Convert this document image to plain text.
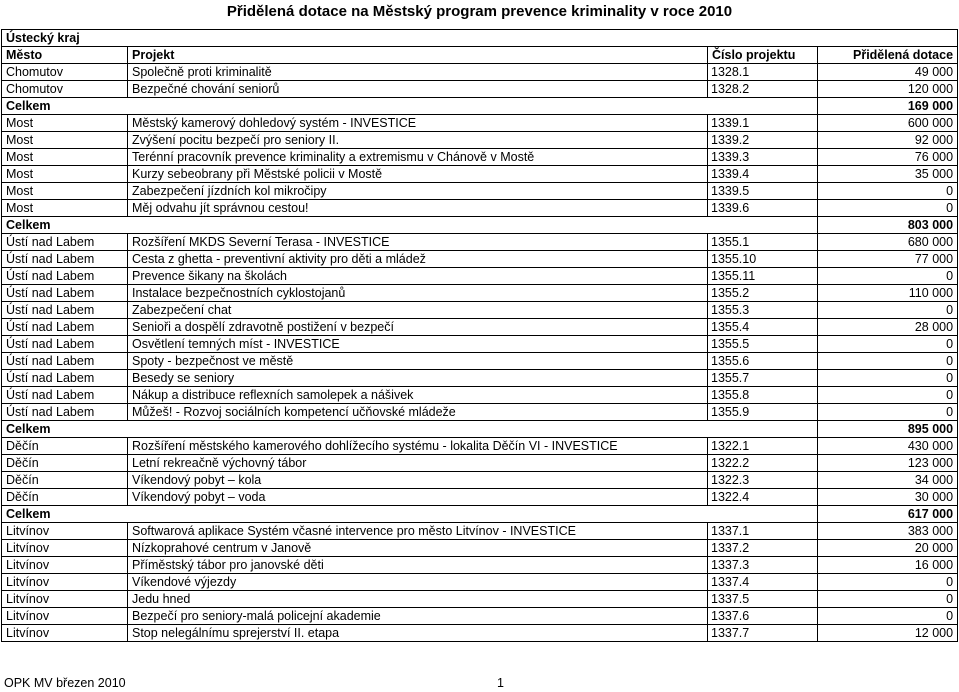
Přidělená dotace na Městský program prevence kriminality v roce 2010
Ústecký kraj			
Město	Projekt	Číslo projektu	Přidělená dotace
Chomutov	Společně proti kriminalitě	1328.1	49 000
Chomutov	Bezpečné chování seniorů	1328.2	120 000
Celkem			169 000
Most	Městský kamerový dohledový systém - INVESTICE	1339.1	600 000
Most	Zvýšení pocitu bezpečí pro seniory II.	1339.2	92 000
Most	Terénní pracovník prevence kriminality a extremismu v Chánově v Mostě	1339.3	76 000
Most	Kurzy sebeobrany při Městské policii v Mostě	1339.4	35 000
Most	Zabezpečení jízdních kol mikročipy	1339.5	0
Most	Měj odvahu jít správnou cestou!	1339.6	0
Celkem			803 000
Ústí nad Labem	Rozšíření MKDS Severní Terasa - INVESTICE	1355.1	680 000
Ústí nad Labem	Cesta z ghetta - preventivní aktivity pro děti a mládež	1355.10	77 000
Ústí nad Labem	Prevence šikany na školách	1355.11	0
Ústí nad Labem	Instalace bezpečnostních cyklostojanů	1355.2	110 000
Ústí nad Labem	Zabezpečení chat	1355.3	0
Ústí nad Labem	Senioři a dospělí zdravotně postižení v bezpečí	1355.4	28 000
Ústí nad Labem	Osvětlení temných míst - INVESTICE	1355.5	0
Ústí nad Labem	Spoty - bezpečnost ve městě	1355.6	0
Ústí nad Labem	Besedy se seniory	1355.7	0
Ústí nad Labem	Nákup a distribuce reflexních samolepek a nášivek	1355.8	0
Ústí nad Labem	Můžeš! - Rozvoj sociálních kompetencí učňovské mládeže	1355.9	0
Celkem			895 000
Děčín	Rozšíření městského kamerového dohlížecího systému - lokalita Děčín VI - INVESTICE	1322.1	430 000
Děčín	Letní rekreačně výchovný tábor	1322.2	123 000
Děčín	Víkendový pobyt – kola	1322.3	34 000
Děčín	Víkendový pobyt – voda	1322.4	30 000
Celkem			617 000
Litvínov	Softwarová aplikace Systém včasné intervence pro město Litvínov - INVESTICE	1337.1	383 000
Litvínov	Nízkoprahové centrum v Janově	1337.2	20 000
Litvínov	Příměstský tábor pro janovské děti	1337.3	16 000
Litvínov	Víkendové výjezdy	1337.4	0
Litvínov	Jedu hned	1337.5	0
Litvínov	Bezpečí pro seniory-malá policejní akademie	1337.6	0
Litvínov	Stop nelegálnímu sprejerství II. etapa	1337.7	12 000
OPK MV březen 2010	1
